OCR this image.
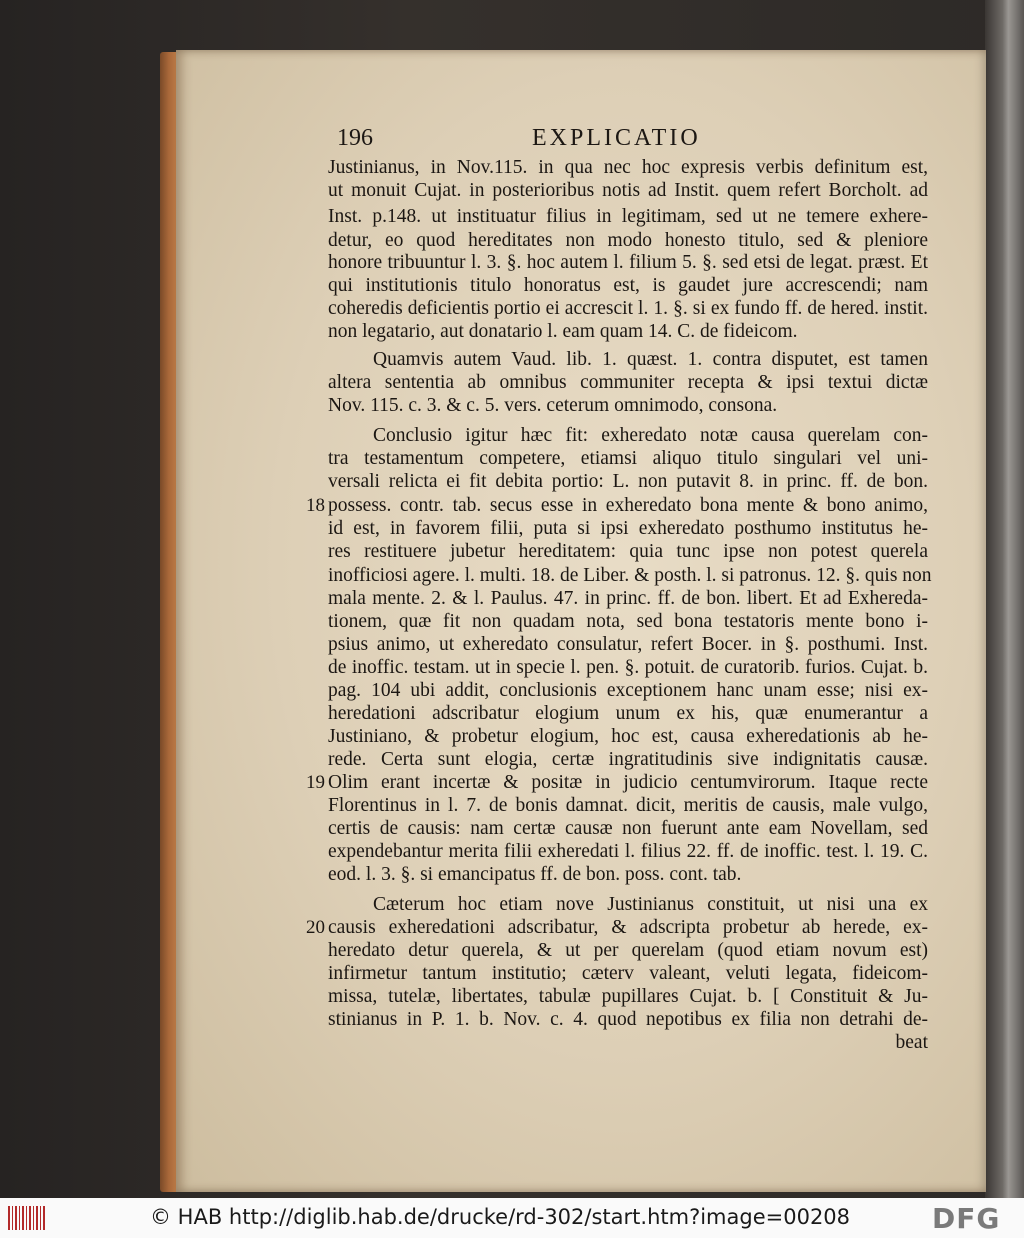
196	EXPLICATIO
Justinianus, in Nov.115. in qua nec hoc expresis verbis definitum est,
ut monuit Cujat. in posterioribus notis ad Instit. quem refert Borcholt. ad
Inst. p.148. ut instituatur filius in legitimam, sed ut ne temere exhere-
detur, eo quod hereditates non modo honesto titulo, sed & pleniore
honore tribuuntur l. 3. §. hoc autem l. filium 5. §. sed etsi de legat. præst. Et
qui institutionis titulo honoratus est, is gaudet jure accrescendi; nam
coheredis deficientis portio ei accrescit l. 1. §. si ex fundo ff. de hered. instit.
non legatario, aut donatario l. eam quam 14. C. de fideicom.
Quamvis autem Vaud. lib. 1. quæst. 1. contra disputet, est tamen
altera sententia ab omnibus communiter recepta & ipsi textui dictæ
Nov. 115. c. 3. & c. 5. vers. ceterum omnimodo, consona.
Conclusio igitur hæc fit: exheredato notæ causa querelam con-
tra testamentum competere, etiamsi aliquo titulo singulari vel uni-
versali relicta ei fit debita portio: L. non putavit 8. in princ. ff. de bon.
18 possess. contr. tab. secus esse in exheredato bona mente & bono animo,
id est, in favorem filii, puta si ipsi exheredato posthumo institutus he-
res restituere jubetur hereditatem: quia tunc ipse non potest querela
inofficiosi agere. l. multi. 18. de Liber. & posth. l. si patronus. 12. §. quis non
mala mente. 2. & l. Paulus. 47. in princ. ff. de bon. libert. Et ad Exhereda-
tionem, quæ fit non quadam nota, sed bona testatoris mente bono i-
psius animo, ut exheredato consulatur, refert Bocer. in §. posthumi. Inst.
de inoffic. testam. ut in specie l. pen. §. potuit. de curatorib. furios. Cujat. b.
pag. 104 ubi addit, conclusionis exceptionem hanc unam esse; nisi ex-
heredationi adscribatur elogium unum ex his, quæ enumerantur a
Justiniano, & probetur elogium, hoc est, causa exheredationis ab he-
rede. Certa sunt elogia, certæ ingratitudinis sive indignitatis causæ.
19 Olim erant incertæ & positæ in judicio centumvirorum. Itaque recte
Florentinus in l. 7. de bonis damnat. dicit, meritis de causis, male vulgo,
certis de causis: nam certæ causæ non fuerunt ante eam Novellam, sed
expendebantur merita filii exheredati l. filius 22. ff. de inoffic. test. l. 19. C.
eod. l. 3. §. si emancipatus ff. de bon. poss. cont. tab.
Cæterum hoc etiam nove Justinianus constituit, ut nisi una ex
20 causis exheredationi adscribatur, & adscripta probetur ab herede, ex-
heredato detur querela, & ut per querelam (quod etiam novum est)
infirmetur tantum institutio; cæterv valeant, veluti legata, fideicom-
missa, tutelæ, libertates, tabulæ pupillares Cujat. b. [ Constituit & Ju-
stinianus in P. 1. b. Nov. c. 4. quod nepotibus ex filia non detrahi de-
beat
© HAB http://diglib.hab.de/drucke/rd-302/start.htm?image=00208	DFG
